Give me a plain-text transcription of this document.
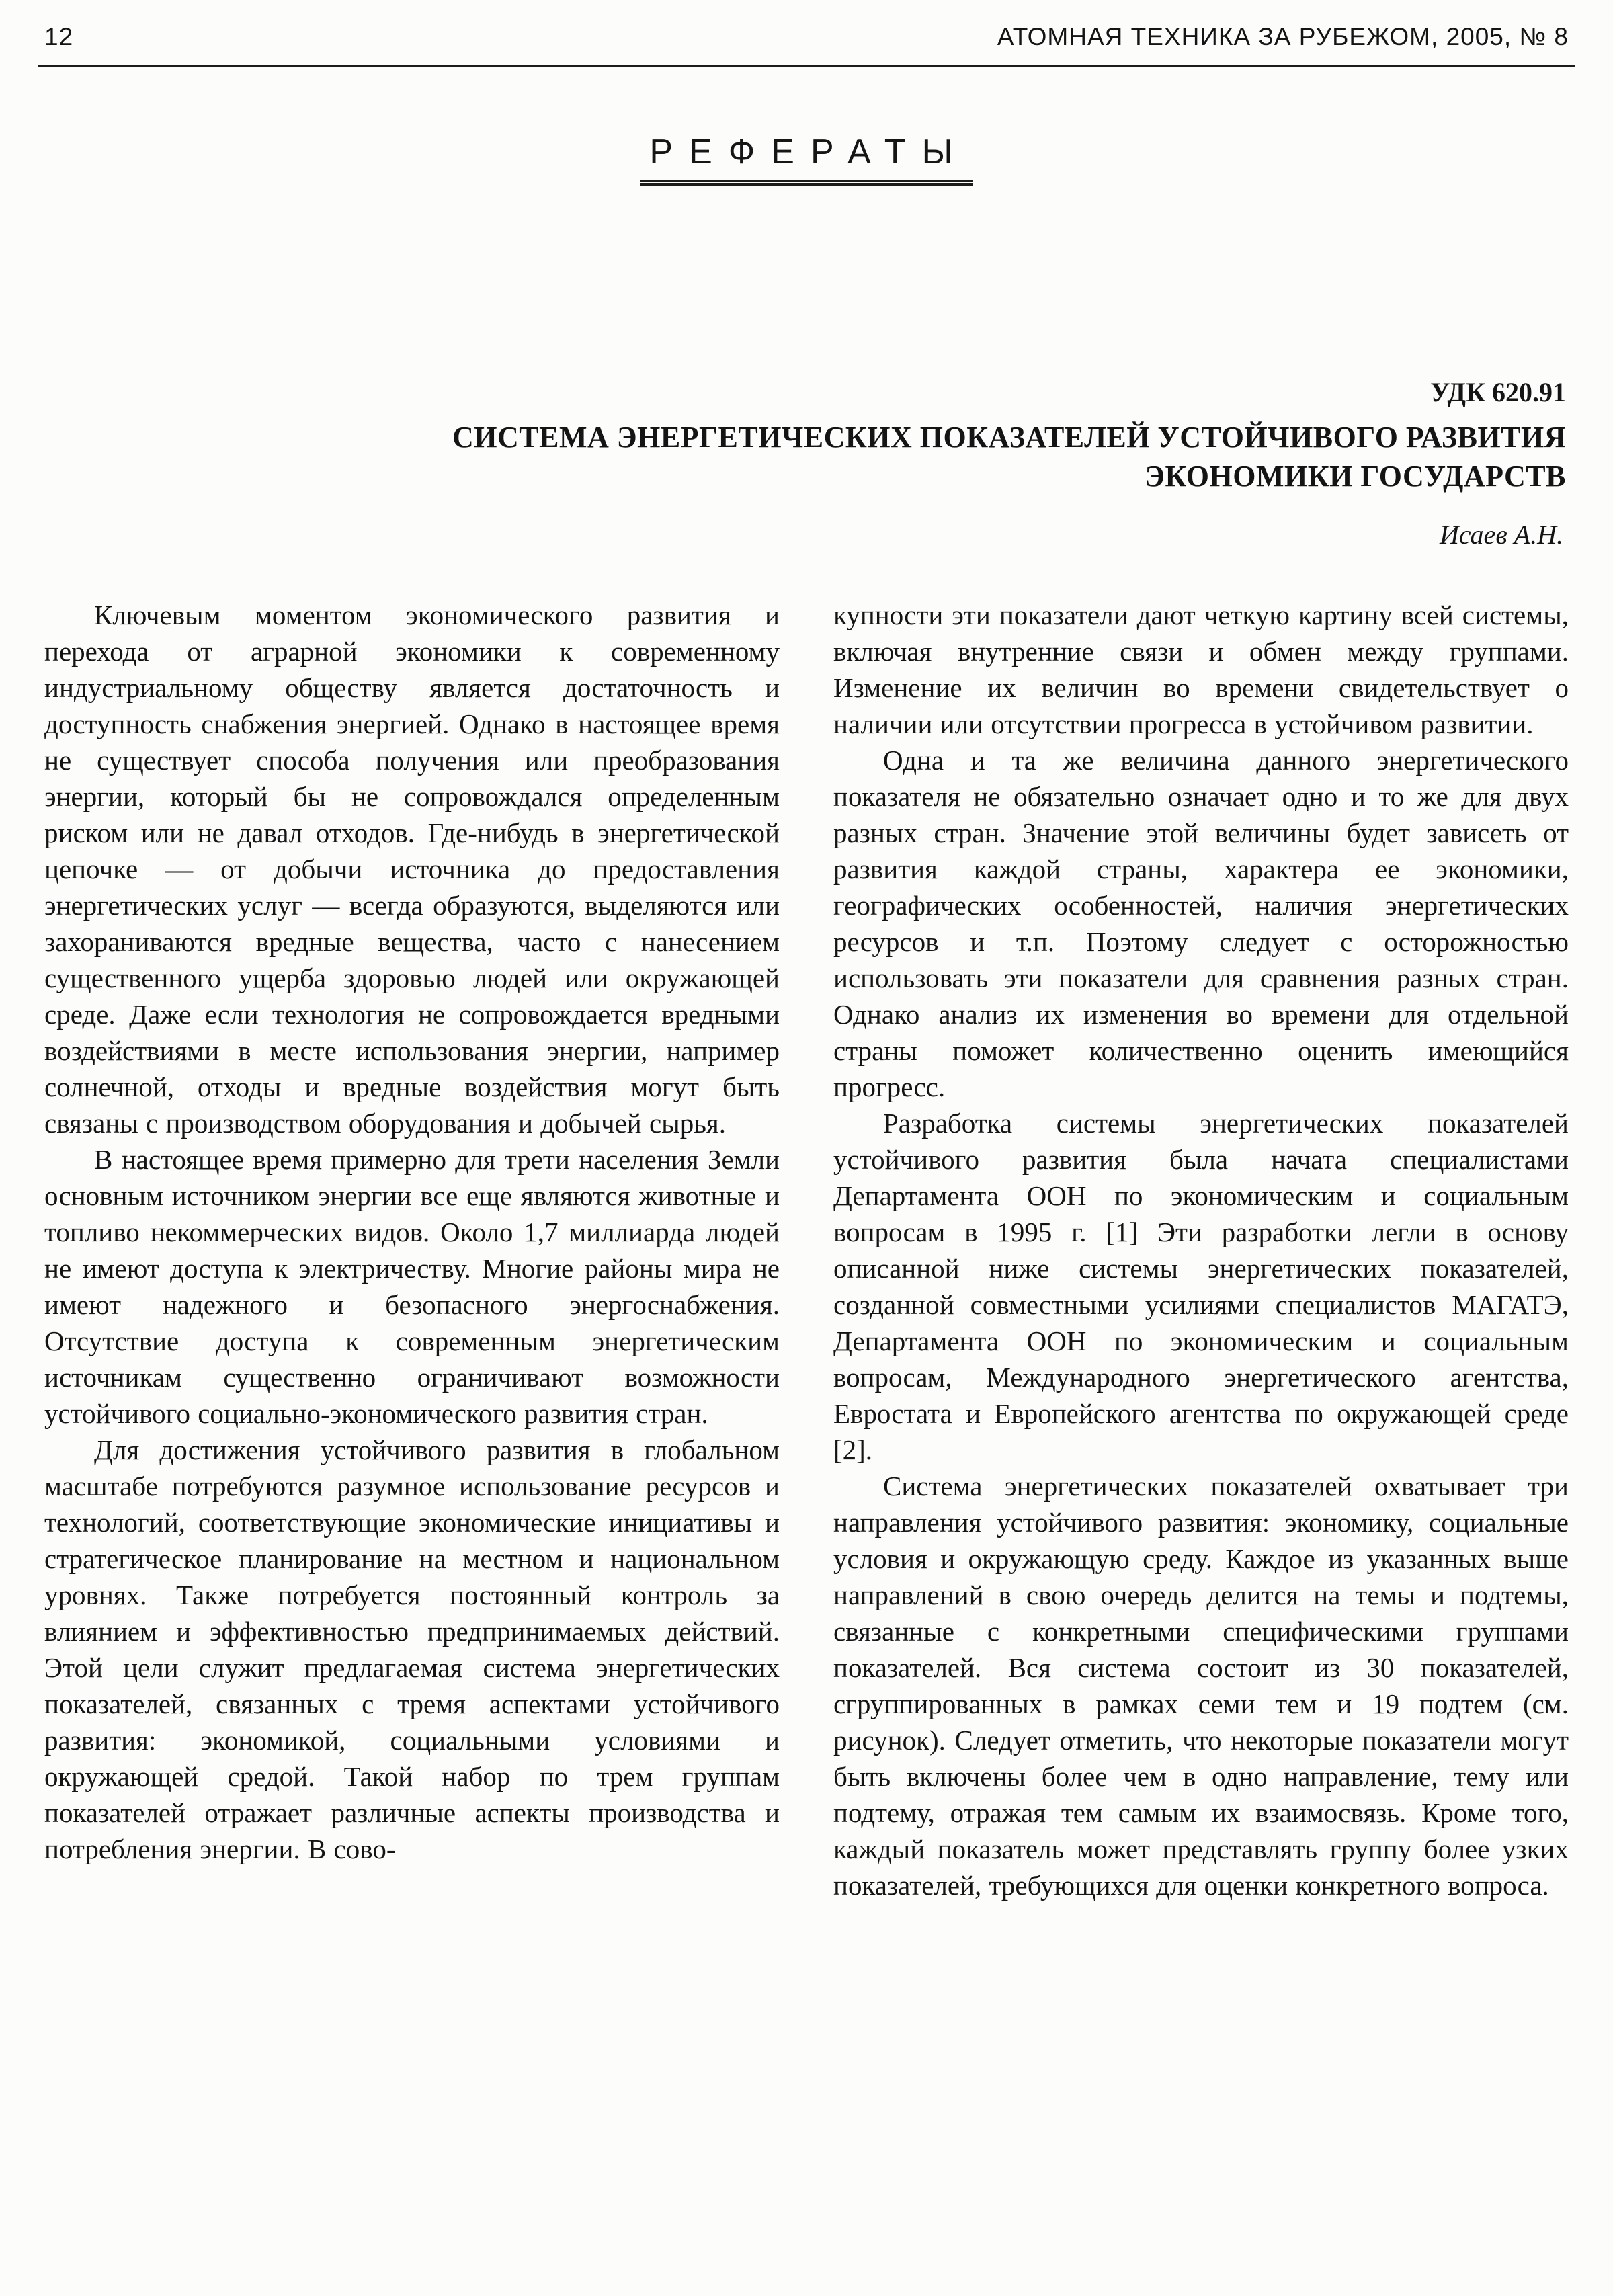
12	АТОМНАЯ ТЕХНИКА ЗА РУБЕЖОМ, 2005, № 8
РЕФЕРАТЫ
УДК 620.91
СИСТЕМА ЭНЕРГЕТИЧЕСКИХ ПОКАЗАТЕЛЕЙ УСТОЙЧИВОГО РАЗВИТИЯ ЭКОНОМИКИ ГОСУДАРСТВ
Исаев А.Н.

Ключевым моментом экономического развития и перехода от аграрной экономики к современному индустриальному обществу является достаточность и доступность снабжения энергией. Однако в настоящее время не существует способа получения или преобразования энергии, который бы не сопровождался определенным риском или не давал отходов. Где-нибудь в энергетической цепочке — от добычи источника до предоставления энергетических услуг — всегда образуются, выделяются или захораниваются вредные вещества, часто с нанесением существенного ущерба здоровью людей или окружающей среде. Даже если технология не сопровождается вредными воздействиями в месте использования энергии, например солнечной, отходы и вредные воздействия могут быть связаны с производством оборудования и добычей сырья.

В настоящее время примерно для трети населения Земли основным источником энергии все еще являются животные и топливо некоммерческих видов. Около 1,7 миллиарда людей не имеют доступа к электричеству. Многие районы мира не имеют надежного и безопасного энергоснабжения. Отсутствие доступа к современным энергетическим источникам существенно ограничивают возможности устойчивого социально-экономического развития стран.

Для достижения устойчивого развития в глобальном масштабе потребуются разумное использование ресурсов и технологий, соответствующие экономические инициативы и стратегическое планирование на местном и национальном уровнях. Также потребуется постоянный контроль за влиянием и эффективностью предпринимаемых действий. Этой цели служит предлагаемая система энергетических показателей, связанных с тремя аспектами устойчивого развития: экономикой, социальными условиями и окружающей средой. Такой набор по трем группам показателей отражает различные аспекты производства и потребления энергии. В сово-

купности эти показатели дают четкую картину всей системы, включая внутренние связи и обмен между группами. Изменение их величин во времени свидетельствует о наличии или отсутствии прогресса в устойчивом развитии.

Одна и та же величина данного энергетического показателя не обязательно означает одно и то же для двух разных стран. Значение этой величины будет зависеть от развития каждой страны, характера ее экономики, географических особенностей, наличия энергетических ресурсов и т.п. Поэтому следует с осторожностью использовать эти показатели для сравнения разных стран. Однако анализ их изменения во времени для отдельной страны поможет количественно оценить имеющийся прогресс.

Разработка системы энергетических показателей устойчивого развития была начата специалистами Департамента ООН по экономическим и социальным вопросам в 1995 г. [1] Эти разработки легли в основу описанной ниже системы энергетических показателей, созданной совместными усилиями специалистов МАГАТЭ, Департамента ООН по экономическим и социальным вопросам, Международного энергетического агентства, Евростата и Европейского агентства по окружающей среде [2].

Система энергетических показателей охватывает три направления устойчивого развития: экономику, социальные условия и окружающую среду. Каждое из указанных выше направлений в свою очередь делится на темы и подтемы, связанные с конкретными специфическими группами показателей. Вся система состоит из 30 показателей, сгруппированных в рамках семи тем и 19 подтем (см. рисунок). Следует отметить, что некоторые показатели могут быть включены более чем в одно направление, тему или подтему, отражая тем самым их взаимосвязь. Кроме того, каждый показатель может представлять группу более узких показателей, требующихся для оценки конкретного вопроса.
